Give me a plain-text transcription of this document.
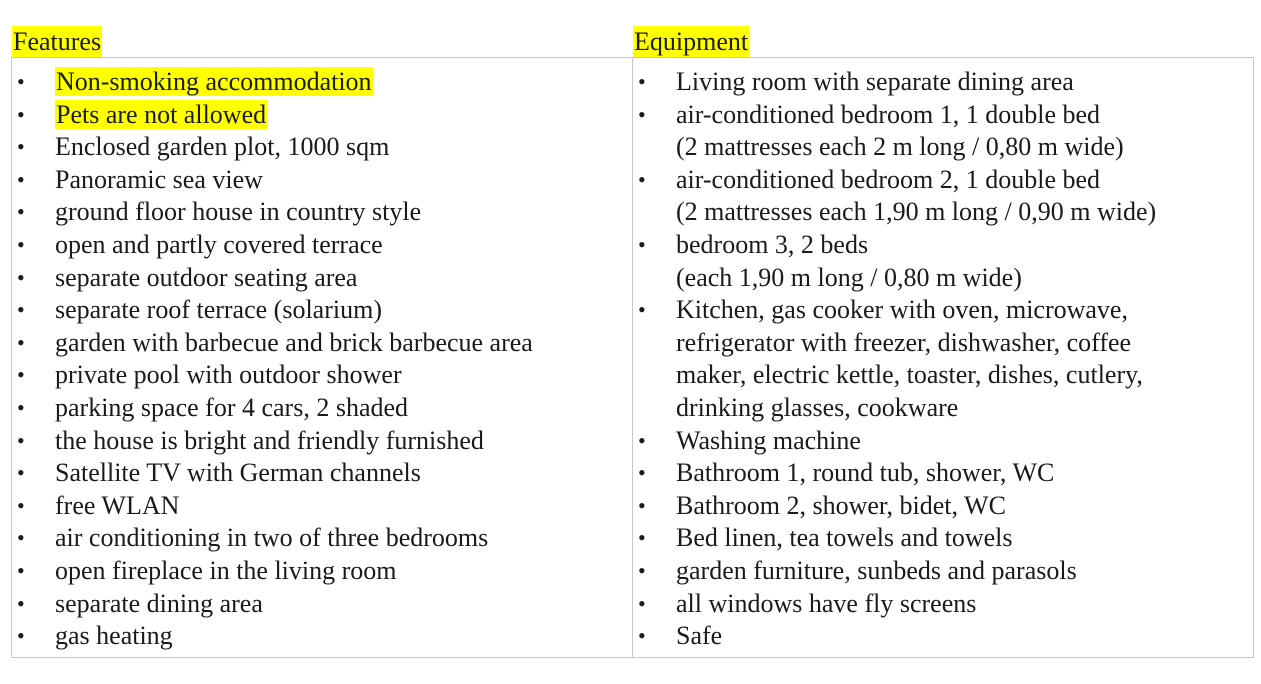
Features	Equipment
• Non-smoking accommodation
• Pets are not allowed
• Enclosed garden plot, 1000 sqm
• Panoramic sea view
• ground floor house in country style
• open and partly covered terrace
• separate outdoor seating area
• separate roof terrace (solarium)
• garden with barbecue and brick barbecue area
• private pool with outdoor shower
• parking space for 4 cars, 2 shaded
• the house is bright and friendly furnished
• Satellite TV with German channels
• free WLAN
• air conditioning in two of three bedrooms
• open fireplace in the living room
• separate dining area
• gas heating
• Living room with separate dining area
• air-conditioned bedroom 1, 1 double bed
(2 mattresses each 2 m long / 0,80 m wide)
• air-conditioned bedroom 2, 1 double bed
(2 mattresses each 1,90 m long / 0,90 m wide)
• bedroom 3, 2 beds
(each 1,90 m long / 0,80 m wide)
• Kitchen, gas cooker with oven, microwave,
refrigerator with freezer, dishwasher, coffee
maker, electric kettle, toaster, dishes, cutlery,
drinking glasses, cookware
• Washing machine
• Bathroom 1, round tub, shower, WC
• Bathroom 2, shower, bidet, WC
• Bed linen, tea towels and towels
• garden furniture, sunbeds and parasols
• all windows have fly screens
• Safe
